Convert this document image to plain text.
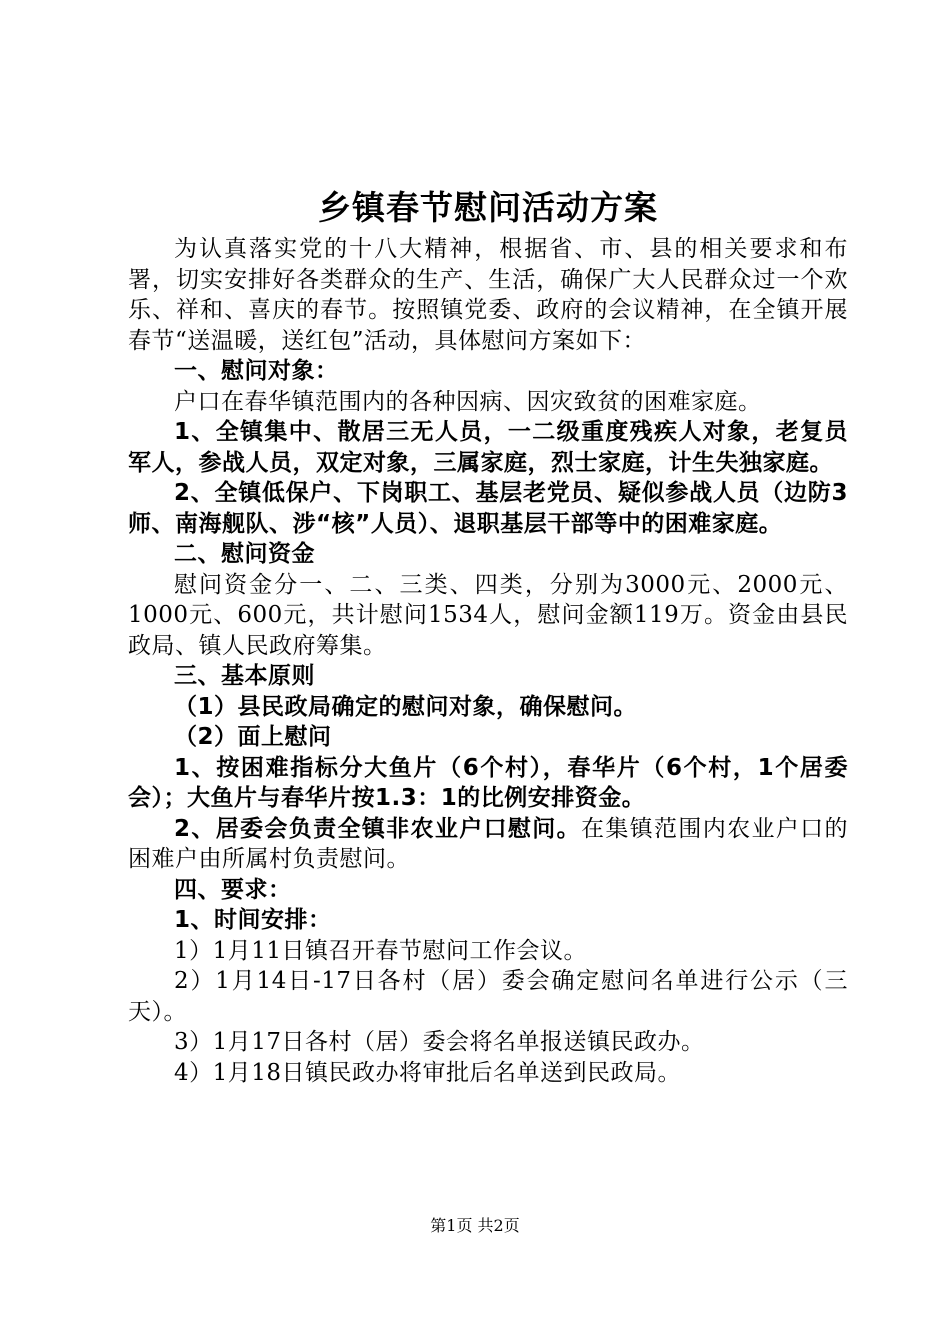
乡镇春节慰问活动方案

为认真落实党的十八大精神，根据省、市、县的相关要求和布署，切实安排好各类群众的生产、生活，确保广大人民群众过一个欢乐、祥和、喜庆的春节。按照镇党委、政府的会议精神，在全镇开展春节“送温暖，送红包”活动，具体慰问方案如下：

一、慰问对象：

户口在春华镇范围内的各种因病、因灾致贫的困难家庭。

1、全镇集中、散居三无人员，一二级重度残疾人对象，老复员军人，参战人员，双定对象，三属家庭，烈士家庭，计生失独家庭。

2、全镇低保户、下岗职工、基层老党员、疑似参战人员（边防3师、南海舰队、涉“核”人员）、退职基层干部等中的困难家庭。

二、慰问资金

慰问资金分一、二、三类、四类，分别为3000元、2000元、1000元、600元，共计慰问1534人，慰问金额119万。资金由县民政局、镇人民政府筹集。

三、基本原则

（1）县民政局确定的慰问对象，确保慰问。

（2）面上慰问

1、按困难指标分大鱼片（6个村），春华片（6个村，1个居委会）；大鱼片与春华片按1.3：1的比例安排资金。

2、居委会负责全镇非农业户口慰问。在集镇范围内农业户口的困难户由所属村负责慰问。

四、要求：

1、时间安排：

1）1月11日镇召开春节慰问工作会议。

2）1月14日-17日各村（居）委会确定慰问名单进行公示（三天）。

3）1月17日各村（居）委会将名单报送镇民政办。

4）1月18日镇民政办将审批后名单送到民政局。

第1页 共2页
